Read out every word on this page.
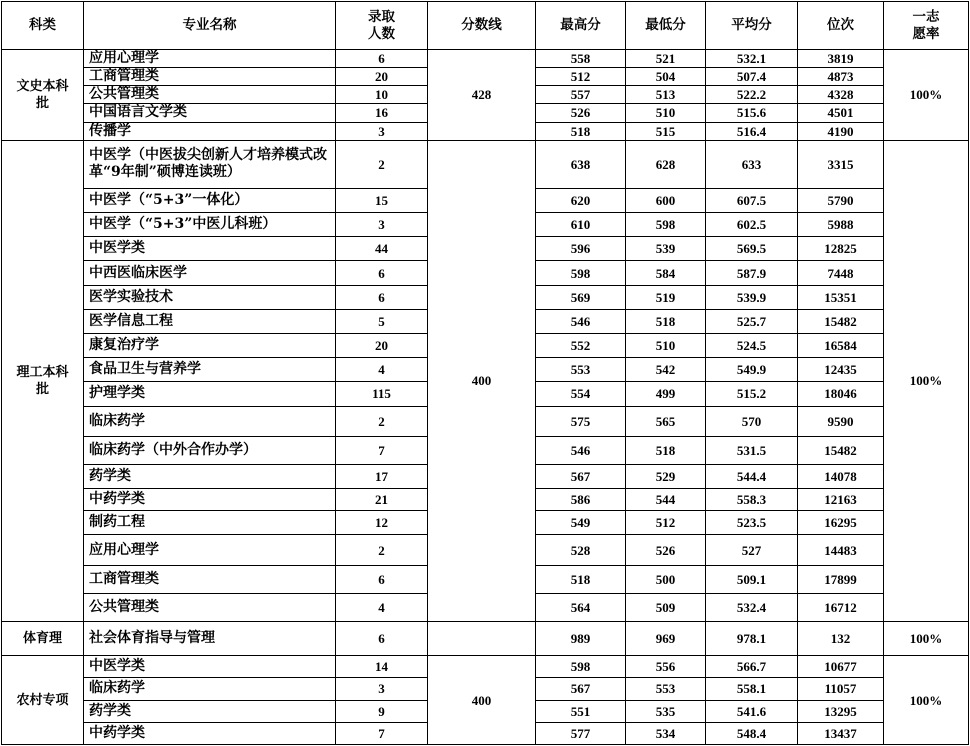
科类	专业名称	录取人数	分数线	最高分	最低分	平均分	位次	一志愿率
文史本科批	应用心理学	6	428	558	521	532.1	3819	100%
	工商管理类	20		512	504	507.4	4873	
	公共管理类	10		557	513	522.2	4328	
	中国语言文学类	16		526	510	515.6	4501	
	传播学	3		518	515	516.4	4190	
理工本科批	中医学（中医拔尖创新人才培养模式改革“9年制”硕博连读班）	2	400	638	628	633	3315	100%
	中医学（“5+3”一体化）	15		620	600	607.5	5790	
	中医学（“5+3”中医儿科班）	3		610	598	602.5	5988	
	中医学类	44		596	539	569.5	12825	
	中西医临床医学	6		598	584	587.9	7448	
	医学实验技术	6		569	519	539.9	15351	
	医学信息工程	5		546	518	525.7	15482	
	康复治疗学	20		552	510	524.5	16584	
	食品卫生与营养学	4		553	542	549.9	12435	
	护理学类	115		554	499	515.2	18046	
	临床药学	2		575	565	570	9590	
	临床药学（中外合作办学）	7		546	518	531.5	15482	
	药学类	17		567	529	544.4	14078	
	中药学类	21		586	544	558.3	12163	
	制药工程	12		549	512	523.5	16295	
	应用心理学	2		528	526	527	14483	
	工商管理类	6		518	500	509.1	17899	
	公共管理类	4		564	509	532.4	16712	
体育理	社会体育指导与管理	6		989	969	978.1	132	100%
农村专项	中医学类	14	400	598	556	566.7	10677	100%
	临床药学	3		567	553	558.1	11057	
	药学类	9		551	535	541.6	13295	
	中药学类	7		577	534	548.4	13437	
